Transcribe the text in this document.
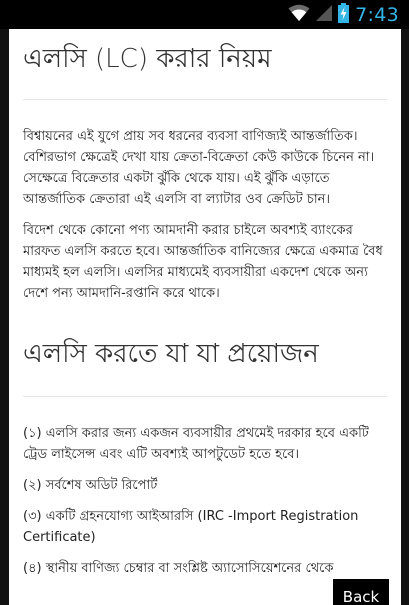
7:43
এলসি (LC) করার নিয়ম

বিশ্বায়নের এই যুগে প্রায় সব ধরনের ব্যবসা বাণিজ্যই আন্তর্জাতিক। বেশিরভাগ ক্ষেত্রেই দেখা যায় ক্রেতা-বিক্রেতা কেউ কাউকে চিনেন না। সেক্ষেত্রে বিক্রেতার একটা ঝুঁকি থেকে যায়। এই ঝুঁকি এড়াতে আন্তর্জাতিক ক্রেতারা এই এলসি বা ল্যাটার ওব ক্রেডিট চান।

বিদেশ থেকে কোনো পণ্য আমদানী করার চাইলে অবশ্যই ব্যাংকের মারফত এলসি করতে হবে। আন্তর্জাতিক বানিজ্যের ক্ষেত্রে একমাত্র বৈধ মাধ্যমই হল এলসি। এলসির মাধ্যমেই ব্যবসায়ীরা একদেশ থেকে অন্য দেশে পন্য আমদানি-রপ্তানি করে থাকে।

এলসি করতে যা যা প্রয়োজন

(১) এলসি করার জন্য একজন ব্যবসায়ীর প্রথমেই দরকার হবে একটি ট্রেড লাইসেন্স এবং এটি অবশ্যই আপটুডেট হতে হবে।

(২) সর্বশেষ অডিট রিপোর্ট

(৩) একটি গ্রহনযোগ্য আইআরসি (IRC -Import Registration Certificate)

(৪) স্থানীয় বাণিজ্য চেম্বার বা সংশ্লিষ্ট অ্যাসোসিয়েশনের থেকে

Back
